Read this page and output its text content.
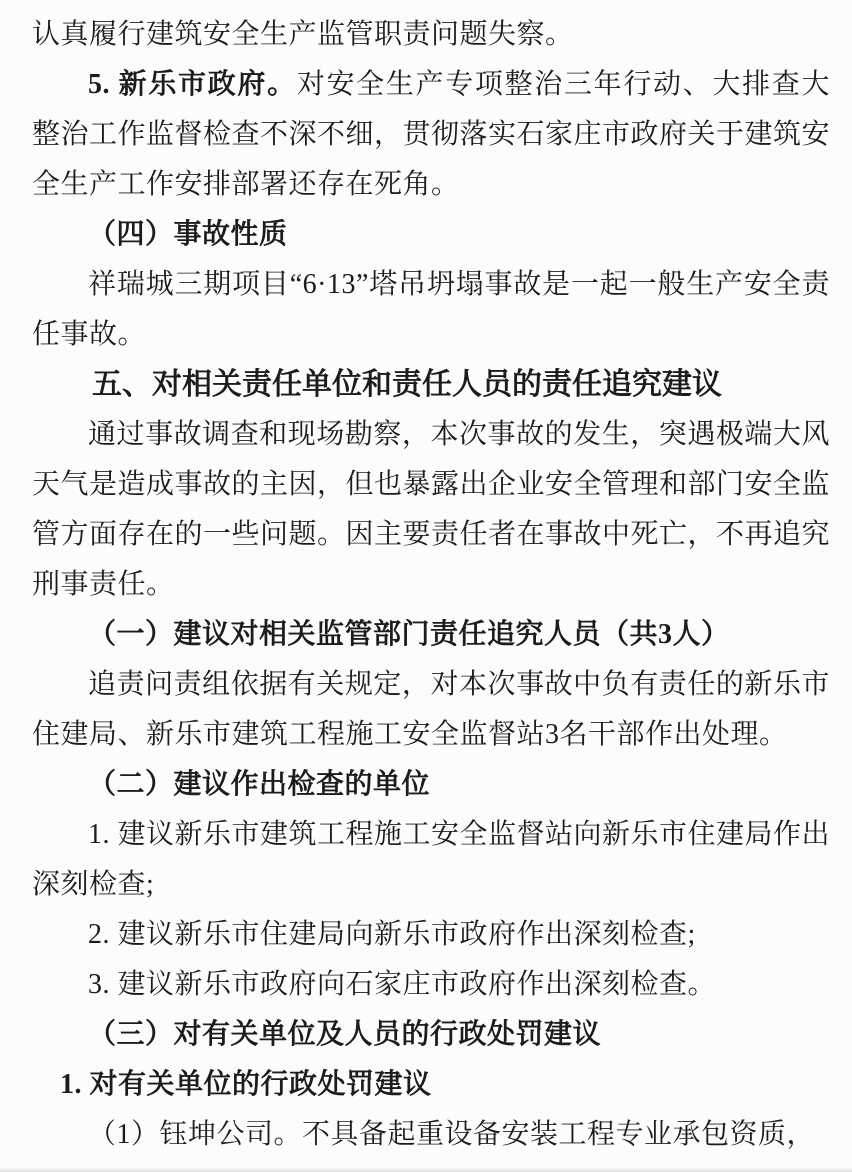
认真履行建筑安全生产监管职责问题失察。

5. 新乐市政府。对安全生产专项整治三年行动、大排查大整治工作监督检查不深不细，贯彻落实石家庄市政府关于建筑安全生产工作安排部署还存在死角。

（四）事故性质

祥瑞城三期项目“6·13”塔吊坍塌事故是一起一般生产安全责任事故。

五、对相关责任单位和责任人员的责任追究建议

通过事故调查和现场勘察，本次事故的发生，突遇极端大风天气是造成事故的主因，但也暴露出企业安全管理和部门安全监管方面存在的一些问题。因主要责任者在事故中死亡，不再追究刑事责任。

（一）建议对相关监管部门责任追究人员（共3人）

追责问责组依据有关规定，对本次事故中负有责任的新乐市住建局、新乐市建筑工程施工安全监督站3名干部作出处理。

（二）建议作出检查的单位

1. 建议新乐市建筑工程施工安全监督站向新乐市住建局作出深刻检查;

2. 建议新乐市住建局向新乐市政府作出深刻检查;

3. 建议新乐市政府向石家庄市政府作出深刻检查。

（三）对有关单位及人员的行政处罚建议

1. 对有关单位的行政处罚建议

（1）钰坤公司。不具备起重设备安装工程专业承包资质，
